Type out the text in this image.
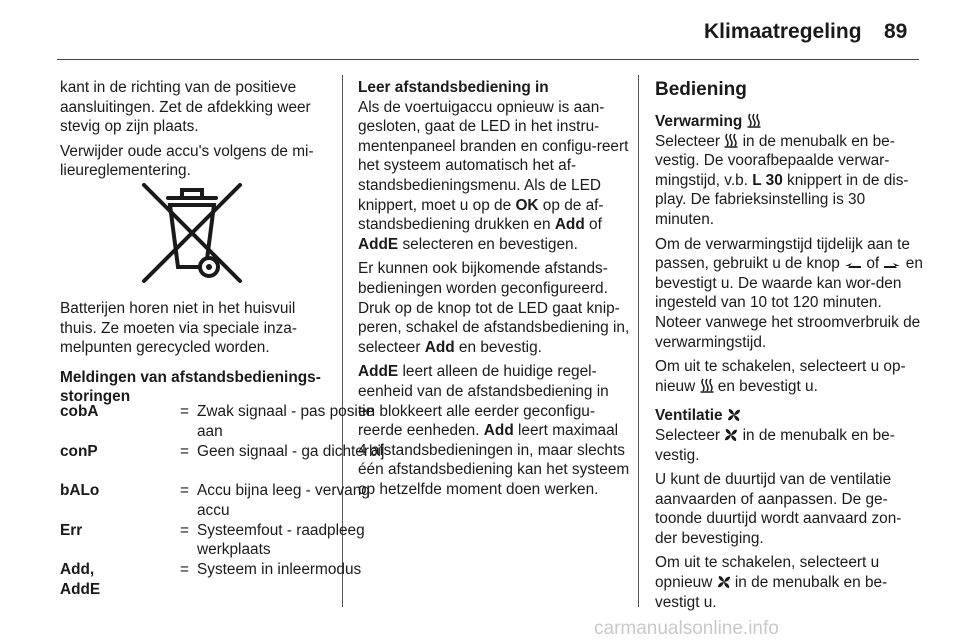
Klimaatregeling 89

kant in de richting van de positieve aansluitingen. Zet de afdekking weer stevig op zijn plaats.

Verwijder oude accu's volgens de mi-lieureglementering.

Batterijen horen niet in het huisvuil thuis. Ze moeten via speciale inza-melpunten gerecycled worden.

Meldingen van afstandsbedienings-storingen

cobA	= Zwak signaal - pas positie aan
conP	= Geen signaal - ga dichterbij
bALo	= Accu bijna leeg - vervang accu
Err	= Systeemfout - raadpleeg werkplaats
Add, AddE
= Systeem in inleermodus

Leer afstandsbediening in

Als de voertuigaccu opnieuw is aan-gesloten, gaat de LED in het instru-mentenpaneel branden en configu-reert het systeem automatisch het af-standsbedieningsmenu. Als de LED knippert, moet u op de OK op de af-standsbediening drukken en Add of AddE selecteren en bevestigen.

Er kunnen ook bijkomende afstands-bedieningen worden geconfigureerd. Druk op de knop tot de LED gaat knip-peren, schakel de afstandsbediening in, selecteer Add en bevestig.

AddE leert alleen de huidige regel-eenheid van de afstandsbediening in en blokkeert alle eerder geconfigu-reerde eenheden. Add leert maximaal 4 afstandsbedieningen in, maar slechts één afstandsbediening kan het systeem op hetzelfde moment doen werken.

Bediening

Verwarming

Selecteer  in de menubalk en be-vestig. De voorafbepaalde verwar-mingstijd, v.b. L 30 knippert in de dis-play. De fabrieksinstelling is 30 minuten.

Om de verwarmingstijd tijdelijk aan te passen, gebruikt u de knop  of  en bevestigt u. De waarde kan wor-den ingesteld van 10 tot 120 minuten. Noteer vanwege het stroomverbruik de verwarmingstijd.

Om uit te schakelen, selecteert u op-nieuw  en bevestigt u.

Ventilatie

Selecteer  in de menubalk en be-vestig.

U kunt de duurtijd van de ventilatie aanvaarden of aanpassen. De ge-toonde duurtijd wordt aanvaard zon-der bevestiging.

Om uit te schakelen, selecteert u opnieuw  in de menubalk en be-vestigt u.

carmanualsonline.info
